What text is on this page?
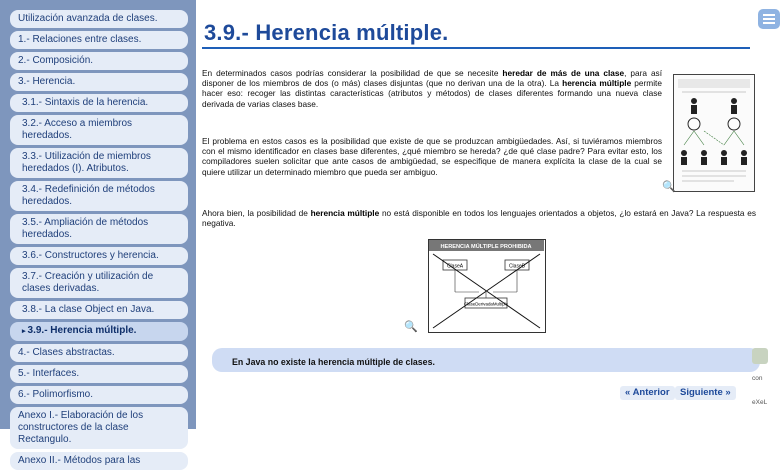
Utilización avanzada de clases.
1.- Relaciones entre clases.
2.- Composición.
3.- Herencia.
3.1.- Sintaxis de la herencia.
3.2.- Acceso a miembros heredados.
3.3.- Utilización de miembros heredados (I). Atributos.
3.4.- Redefinición de métodos heredados.
3.5.- Ampliación de métodos heredados.
3.6.- Constructores y herencia.
3.7.- Creación y utilización de clases derivadas.
3.8.- La clase Object en Java.
▸ 3.9.- Herencia múltiple.
4.- Clases abstractas.
5.- Interfaces.
6.- Polimorfismo.
Anexo I.- Elaboración de los constructores de la clase Rectangulo.
Anexo II.- Métodos para las
3.9.- Herencia múltiple.
En determinados casos podrías considerar la posibilidad de que se necesite heredar de más de una clase, para así disponer de los miembros de dos (o más) clases disjuntas (que no derivan una de la otra). La herencia múltiple permite hacer eso: recoger las distintas características (atributos y métodos) de clases diferentes formando una nueva clase derivada de varias clases base.
El problema en estos casos es la posibilidad que existe de que se produzcan ambigüedades. Así, si tuviéramos miembros con el mismo identificador en clases base diferentes, ¿qué miembro se hereda? ¿de qué clase padre? Para evitar esto, los compiladores suelen solicitar que ante casos de ambigüedad, se especifique de manera explícita la clase de la cual se quiere utilizar un determinado miembro que pueda ser ambiguo.
Ahora bien, la posibilidad de herencia múltiple no está disponible en todos los lenguajes orientados a objetos, ¿lo estará en Java? La respuesta es negativa.
🔍
HERENCIA MÚLTIPLE PROHIBIDA
ClaseA	ClaseB
ClaseDerivadaMultiple
🔍
En Java no existe la herencia múltiple de clases.
« Anterior	Siguiente »
con
eXeL
